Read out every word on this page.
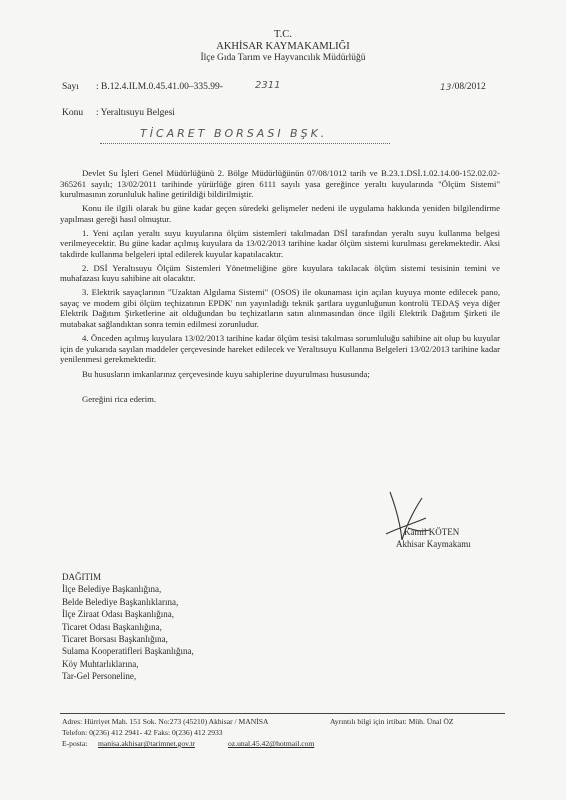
T.C.
AKHİSAR KAYMAKAMLIĞI
İlçe Gıda Tarım ve Hayvancılık Müdürlüğü
Sayı : B.12.4.ILM.0.45.41.00–335.99-	2311	13 /08/2012
Konu : Yeraltısuyu Belgesi
TİCARET BORSASI BŞK.

Devlet Su İşleri Genel Müdürlüğünü 2. Bölge Müdürlüğünün 07/08/1012 tarih ve B.23.1.DSİ.1.02.14.00-152.02.02-365261 sayılı; 13/02/2011 tarihinde yürürlüğe giren 6111 sayılı yasa gereğince yeraltı kuyularında "Ölçüm Sistemi" kurulmasının zorunluluk haline getirildiği bildirilmiştir.

Konu ile ilgili olarak bu güne kadar geçen süredeki gelişmeler nedeni ile uygulama hakkında yeniden bilgilendirme yapılması gereği hasıl olmuştur.

1. Yeni açılan yeraltı suyu kuyularına ölçüm sistemleri takılmadan DSİ tarafından yeraltı suyu kullanma belgesi verilmeyecektir. Bu güne kadar açılmış kuyulara da 13/02/2013 tarihine kadar ölçüm sistemi kurulması gerekmektedir. Aksi takdirde kullanma belgeleri iptal edilerek kuyular kapatılacaktır.

2. DSİ Yeraltısuyu Ölçüm Sistemleri Yönetmeliğine göre kuyulara takılacak ölçüm sistemi tesisinin temini ve muhafazası kuyu sahibine ait olacaktır.

3. Elektrik sayaçlarının "Uzaktan Algılama Sistemi" (OSOS) ile okunaması için açılan kuyuya monte edilecek pano, sayaç ve modem gibi ölçüm teçhizatının EPDK' nın yayınladığı teknik şartlara uygunluğunun kontrolü TEDAŞ veya diğer Elektrik Dağıtım Şirketlerine ait olduğundan bu teçhizatların satın alınmasından önce ilgili Elektrik Dağıtım Şirketi ile mutabakat sağlandıktan sonra temin edilmesi zorunludur.

4. Önceden açılmış kuyulara 13/02/2013 tarihine kadar ölçüm tesisi takılması sorumluluğu sahibine ait olup bu kuyular için de yukarıda sayılan maddeler çerçevesinde hareket edilecek ve Yeraltısuyu Kullanma Belgeleri 13/02/2013 tarihine kadar yenilenmesi gerekmektedir.

Bu hususların imkanlarınız çerçevesinde kuyu sahiplerine duyurulması hususunda;

Gereğini rica ederim.

Kamil KÖTEN
Akhisar Kaymakamı
DAĞITIM
İlçe Belediye Başkanlığına,
Belde Belediye Başkanlıklarına,
İlçe Ziraat Odası Başkanlığına,
Ticaret Odası Başkanlığına,
Ticaret Borsası Başkanlığına,
Sulama Kooperatifleri Başkanlığına,
Köy Muhtarlıklarına,
Tar-Gel Personeline,
Adres: Hürriyet Mah. 151 Sok. No:273 (45210) Akhisar / MANİSA	Ayrıntılı bilgi için irtibat: Müh. Ünal ÖZ
Telefon: 0(236) 412 2941- 42 Faks: 0(236) 412 2933
E-posta: manisa.akhisar@tarimnet.gov.tr	oz.unal.45.42@hotmail.com
